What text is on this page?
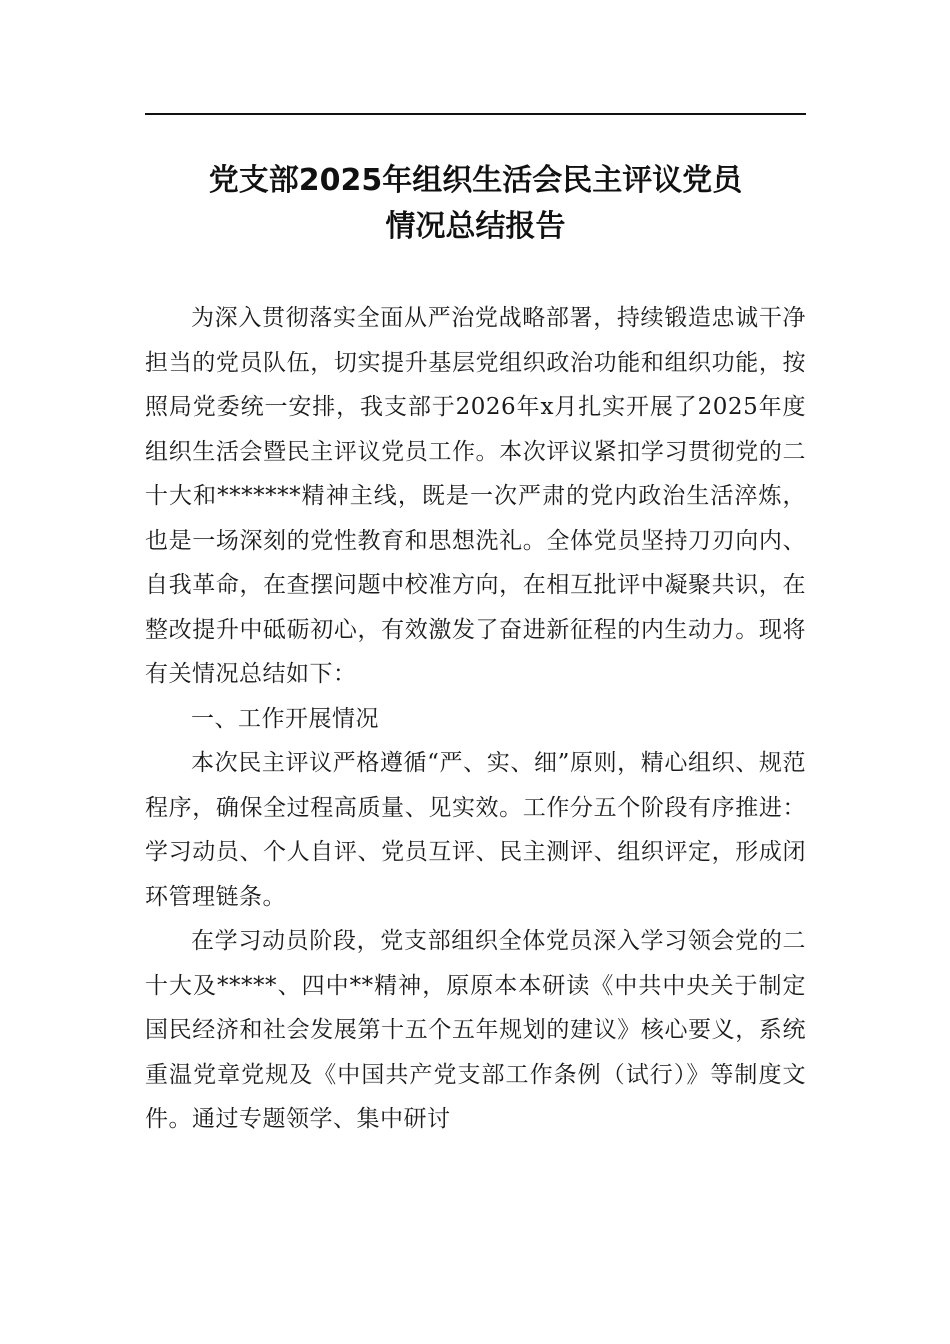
党支部2025年组织生活会民主评议党员
情况总结报告

为深入贯彻落实全面从严治党战略部署，持续锻造忠诚干净担当的党员队伍，切实提升基层党组织政治功能和组织功能，按照局党委统一安排，我支部于2026年x月扎实开展了2025年度组织生活会暨民主评议党员工作。本次评议紧扣学习贯彻党的二十大和*******精神主线，既是一次严肃的党内政治生活淬炼，也是一场深刻的党性教育和思想洗礼。全体党员坚持刀刃向内、自我革命，在查摆问题中校准方向，在相互批评中凝聚共识，在整改提升中砥砺初心，有效激发了奋进新征程的内生动力。现将有关情况总结如下：

一、工作开展情况

本次民主评议严格遵循“严、实、细”原则，精心组织、规范程序，确保全过程高质量、见实效。工作分五个阶段有序推进：学习动员、个人自评、党员互评、民主测评、组织评定，形成闭环管理链条。

在学习动员阶段，党支部组织全体党员深入学习领会党的二十大及*****、四中**精神，原原本本研读《中共中央关于制定国民经济和社会发展第十五个五年规划的建议》核心要义，系统重温党章党规及《中国共产党支部工作条例（试行）》等制度文件。通过专题领学、集中研讨
